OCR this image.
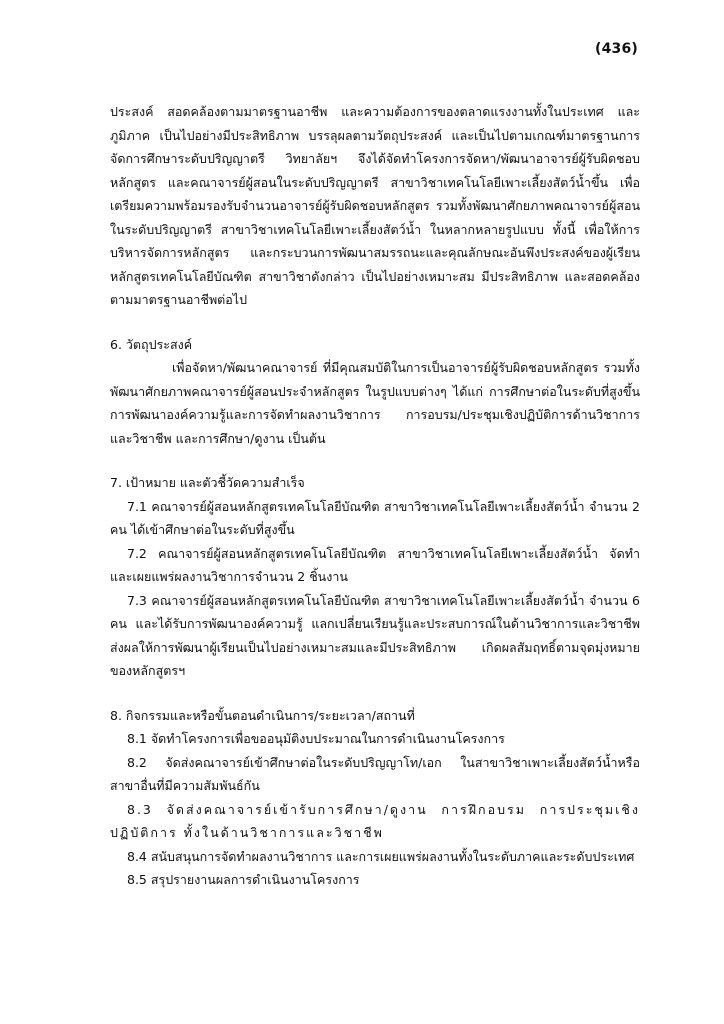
(436)

ประสงค์ สอดคล้องตามมาตรฐานอาชีพ และความต้องการของตลาดแรงงานทั้งในประเทศ และภูมิภาค เป็นไปอย่างมีประสิทธิภาพ บรรลุผลตามวัตถุประสงค์ และเป็นไปตามเกณฑ์มาตรฐานการจัดการศึกษาระดับปริญญาตรี วิทยาลัยฯ จึงได้จัดทำโครงการจัดหา/พัฒนาอาจารย์ผู้รับผิดชอบหลักสูตร และคณาจารย์ผู้สอนในระดับปริญญาตรี สาขาวิชาเทคโนโลยีเพาะเลี้ยงสัตว์น้ำขึ้น เพื่อเตรียมความพร้อมรองรับจำนวนอาจารย์ผู้รับผิดชอบหลักสูตร รวมทั้งพัฒนาศักยภาพคณาจารย์ผู้สอนในระดับปริญญาตรี สาขาวิชาเทคโนโลยีเพาะเลี้ยงสัตว์น้ำ ในหลากหลายรูปแบบ ทั้งนี้ เพื่อให้การบริหารจัดการหลักสูตร และกระบวนการพัฒนาสมรรถนะและคุณลักษณะอันพึงประสงค์ของผู้เรียนหลักสูตรเทคโนโลยีบัณฑิต สาขาวิชาดังกล่าว เป็นไปอย่างเหมาะสม มีประสิทธิภาพ และสอดคล้องตามมาตรฐานอาชีพต่อไป

6. วัตถุประสงค์

เพื่อจัดหา/พัฒนาคณาจารย์ ที่มีคุณสมบัติในการเป็นอาจารย์ผู้รับผิดชอบหลักสูตร รวมทั้งพัฒนาศักยภาพคณาจารย์ผู้สอนประจำหลักสูตร ในรูปแบบต่างๆ ได้แก่ การศึกษาต่อในระดับที่สูงขึ้น การพัฒนาองค์ความรู้และการจัดทำผลงานวิชาการ การอบรม/ประชุมเชิงปฏิบัติการด้านวิชาการและวิชาชีพ และการศึกษา/ดูงาน เป็นต้น

7. เป้าหมาย และตัวชี้วัดความสำเร็จ

7.1 คณาจารย์ผู้สอนหลักสูตรเทคโนโลยีบัณฑิต สาขาวิชาเทคโนโลยีเพาะเลี้ยงสัตว์น้ำ จำนวน 2 คน ได้เข้าศึกษาต่อในระดับที่สูงขึ้น

7.2 คณาจารย์ผู้สอนหลักสูตรเทคโนโลยีบัณฑิต สาขาวิชาเทคโนโลยีเพาะเลี้ยงสัตว์น้ำ จัดทำและเผยแพร่ผลงานวิชาการจำนวน 2 ชิ้นงาน

7.3 คณาจารย์ผู้สอนหลักสูตรเทคโนโลยีบัณฑิต สาขาวิชาเทคโนโลยีเพาะเลี้ยงสัตว์น้ำ จำนวน 6 คน และได้รับการพัฒนาองค์ความรู้ แลกเปลี่ยนเรียนรู้และประสบการณ์ในด้านวิชาการและวิชาชีพ ส่งผลให้การพัฒนาผู้เรียนเป็นไปอย่างเหมาะสมและมีประสิทธิภาพ เกิดผลสัมฤทธิ์ตามจุดมุ่งหมายของหลักสูตรฯ

8. กิจกรรมและหรือขั้นตอนดำเนินการ/ระยะเวลา/สถานที่

8.1 จัดทำโครงการเพื่อขออนุมัติงบประมาณในการดำเนินงานโครงการ

8.2 จัดส่งคณาจารย์เข้าศึกษาต่อในระดับปริญญาโท/เอก ในสาขาวิชาเพาะเลี้ยงสัตว์น้ำหรือสาขาอื่นที่มีความสัมพันธ์กัน

8.3 จัดส่งคณาจารย์เข้ารับการศึกษา/ดูงาน การฝึกอบรม การประชุมเชิงปฏิบัติการ ทั้งในด้านวิชาการและวิชาชีพ

8.4 สนับสนุนการจัดทำผลงานวิชาการ และการเผยแพร่ผลงานทั้งในระดับภาคและระดับประเทศ

8.5 สรุปรายงานผลการดำเนินงานโครงการ
